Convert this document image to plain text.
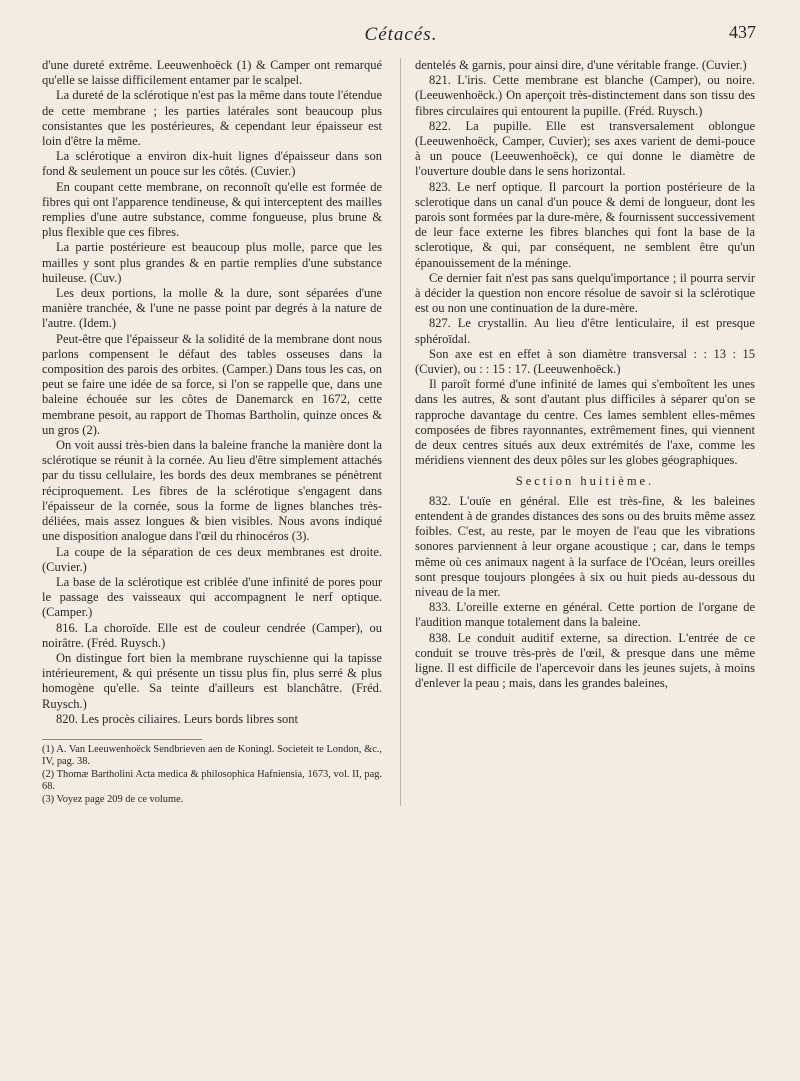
Cétacés.	437

d'une dureté extrême. Leeuwenhoëck (1) & Camper ont remarqué qu'elle se laisse difficilement entamer par le scalpel.

La dureté de la sclérotique n'est pas la même dans toute l'étendue de cette membrane ; les parties latérales sont beaucoup plus consistantes que les postérieures, & cependant leur épaisseur est loin d'être la même.

La sclérotique a environ dix-huit lignes d'épaisseur dans son fond & seulement un pouce sur les côtés. (Cuvier.)

En coupant cette membrane, on reconnoît qu'elle est formée de fibres qui ont l'apparence tendineuse, & qui interceptent des mailles remplies d'une autre substance, comme fongueuse, plus brune & plus flexible que ces fibres.

La partie postérieure est beaucoup plus molle, parce que les mailles y sont plus grandes & en partie remplies d'une substance huileuse. (Cuv.)

Les deux portions, la molle & la dure, sont séparées d'une manière tranchée, & l'une ne passe point par degrés à la nature de l'autre. (Idem.)

Peut-être que l'épaisseur & la solidité de la membrane dont nous parlons compensent le défaut des tables osseuses dans la composition des parois des orbites. (Camper.) Dans tous les cas, on peut se faire une idée de sa force, si l'on se rappelle que, dans une baleine échouée sur les côtes de Danemarck en 1672, cette membrane pesoit, au rapport de Thomas Bartholin, quinze onces & un gros (2).

On voit aussi très-bien dans la baleine franche la manière dont la sclérotique se réunit à la cornée. Au lieu d'être simplement attachés par du tissu cellulaire, les bords des deux membranes se pénètrent réciproquement. Les fibres de la sclérotique s'engagent dans l'épaisseur de la cornée, sous la forme de lignes blanches très-déliées, mais assez longues & bien visibles. Nous avons indiqué une disposition analogue dans l'œil du rhinocéros (3).

La coupe de la séparation de ces deux membranes est droite. (Cuvier.)

La base de la sclérotique est criblée d'une infinité de pores pour le passage des vaisseaux qui accompagnent le nerf optique. (Camper.)

816. La choroïde. Elle est de couleur cendrée (Camper), ou noirâtre. (Fréd. Ruysch.)

On distingue fort bien la membrane ruyschienne qui la tapisse intérieurement, & qui présente un tissu plus fin, plus serré & plus homogène qu'elle. Sa teinte d'ailleurs est blanchâtre. (Fréd. Ruysch.)

820. Les procès ciliaires. Leurs bords libres sont

(1) A. Van Leeuwenhoëck Sendbrieven aen de Koningl. Societeit te London, &c., IV, pag. 38.
(2) Thomæ Bartholini Acta medica & philosophica Hafniensia, 1673, vol. II, pag. 68.
(3) Voyez page 209 de ce volume.

dentelés & garnis, pour ainsi dire, d'une véritable frange. (Cuvier.)

821. L'iris. Cette membrane est blanche (Camper), ou noire. (Leeuwenhoëck.) On aperçoit très-distinctement dans son tissu des fibres circulaires qui entourent la pupille. (Fréd. Ruysch.)

822. La pupille. Elle est transversalement oblongue (Leeuwenhoëck, Camper, Cuvier); ses axes varient de demi-pouce à un pouce (Leeuwenhoëck), ce qui donne le diamètre de l'ouverture double dans le sens horizontal.

823. Le nerf optique. Il parcourt la portion postérieure de la sclerotique dans un canal d'un pouce & demi de longueur, dont les parois sont formées par la dure-mère, & fournissent successivement de leur face externe les fibres blanches qui font la base de la sclerotique, & qui, par conséquent, ne semblent être qu'un épanouissement de la méninge.

Ce dernier fait n'est pas sans quelqu'importance ; il pourra servir à décider la question non encore résolue de savoir si la sclérotique est ou non une continuation de la dure-mère.

827. Le crystallin. Au lieu d'être lenticulaire, il est presque sphéroïdal.

Son axe est en effet à son diamètre transversal : : 13 : 15 (Cuvier), ou : : 15 : 17. (Leeuwenhoëck.)

Il paroît formé d'une infinité de lames qui s'emboîtent les unes dans les autres, & sont d'autant plus difficiles à séparer qu'on se rapproche davantage du centre. Ces lames semblent elles-mêmes composées de fibres rayonnantes, extrêmement fines, qui viennent de deux centres situés aux deux extrémités de l'axe, comme les méridiens viennent des deux pôles sur les globes géographiques.

Section huitième.

832. L'ouïe en général. Elle est très-fine, & les baleines entendent à de grandes distances des sons ou des bruits même assez foibles. C'est, au reste, par le moyen de l'eau que les vibrations sonores parviennent à leur organe acoustique ; car, dans le temps même où ces animaux nagent à la surface de l'Océan, leurs oreilles sont presque toujours plongées à six ou huit pieds au-dessous du niveau de la mer.

833. L'oreille externe en général. Cette portion de l'organe de l'audition manque totalement dans la baleine.

838. Le conduit auditif externe, sa direction. L'entrée de ce conduit se trouve très-près de l'œil, & presque dans une même ligne. Il est difficile de l'apercevoir dans les jeunes sujets, à moins d'enlever la peau ; mais, dans les grandes baleines,
